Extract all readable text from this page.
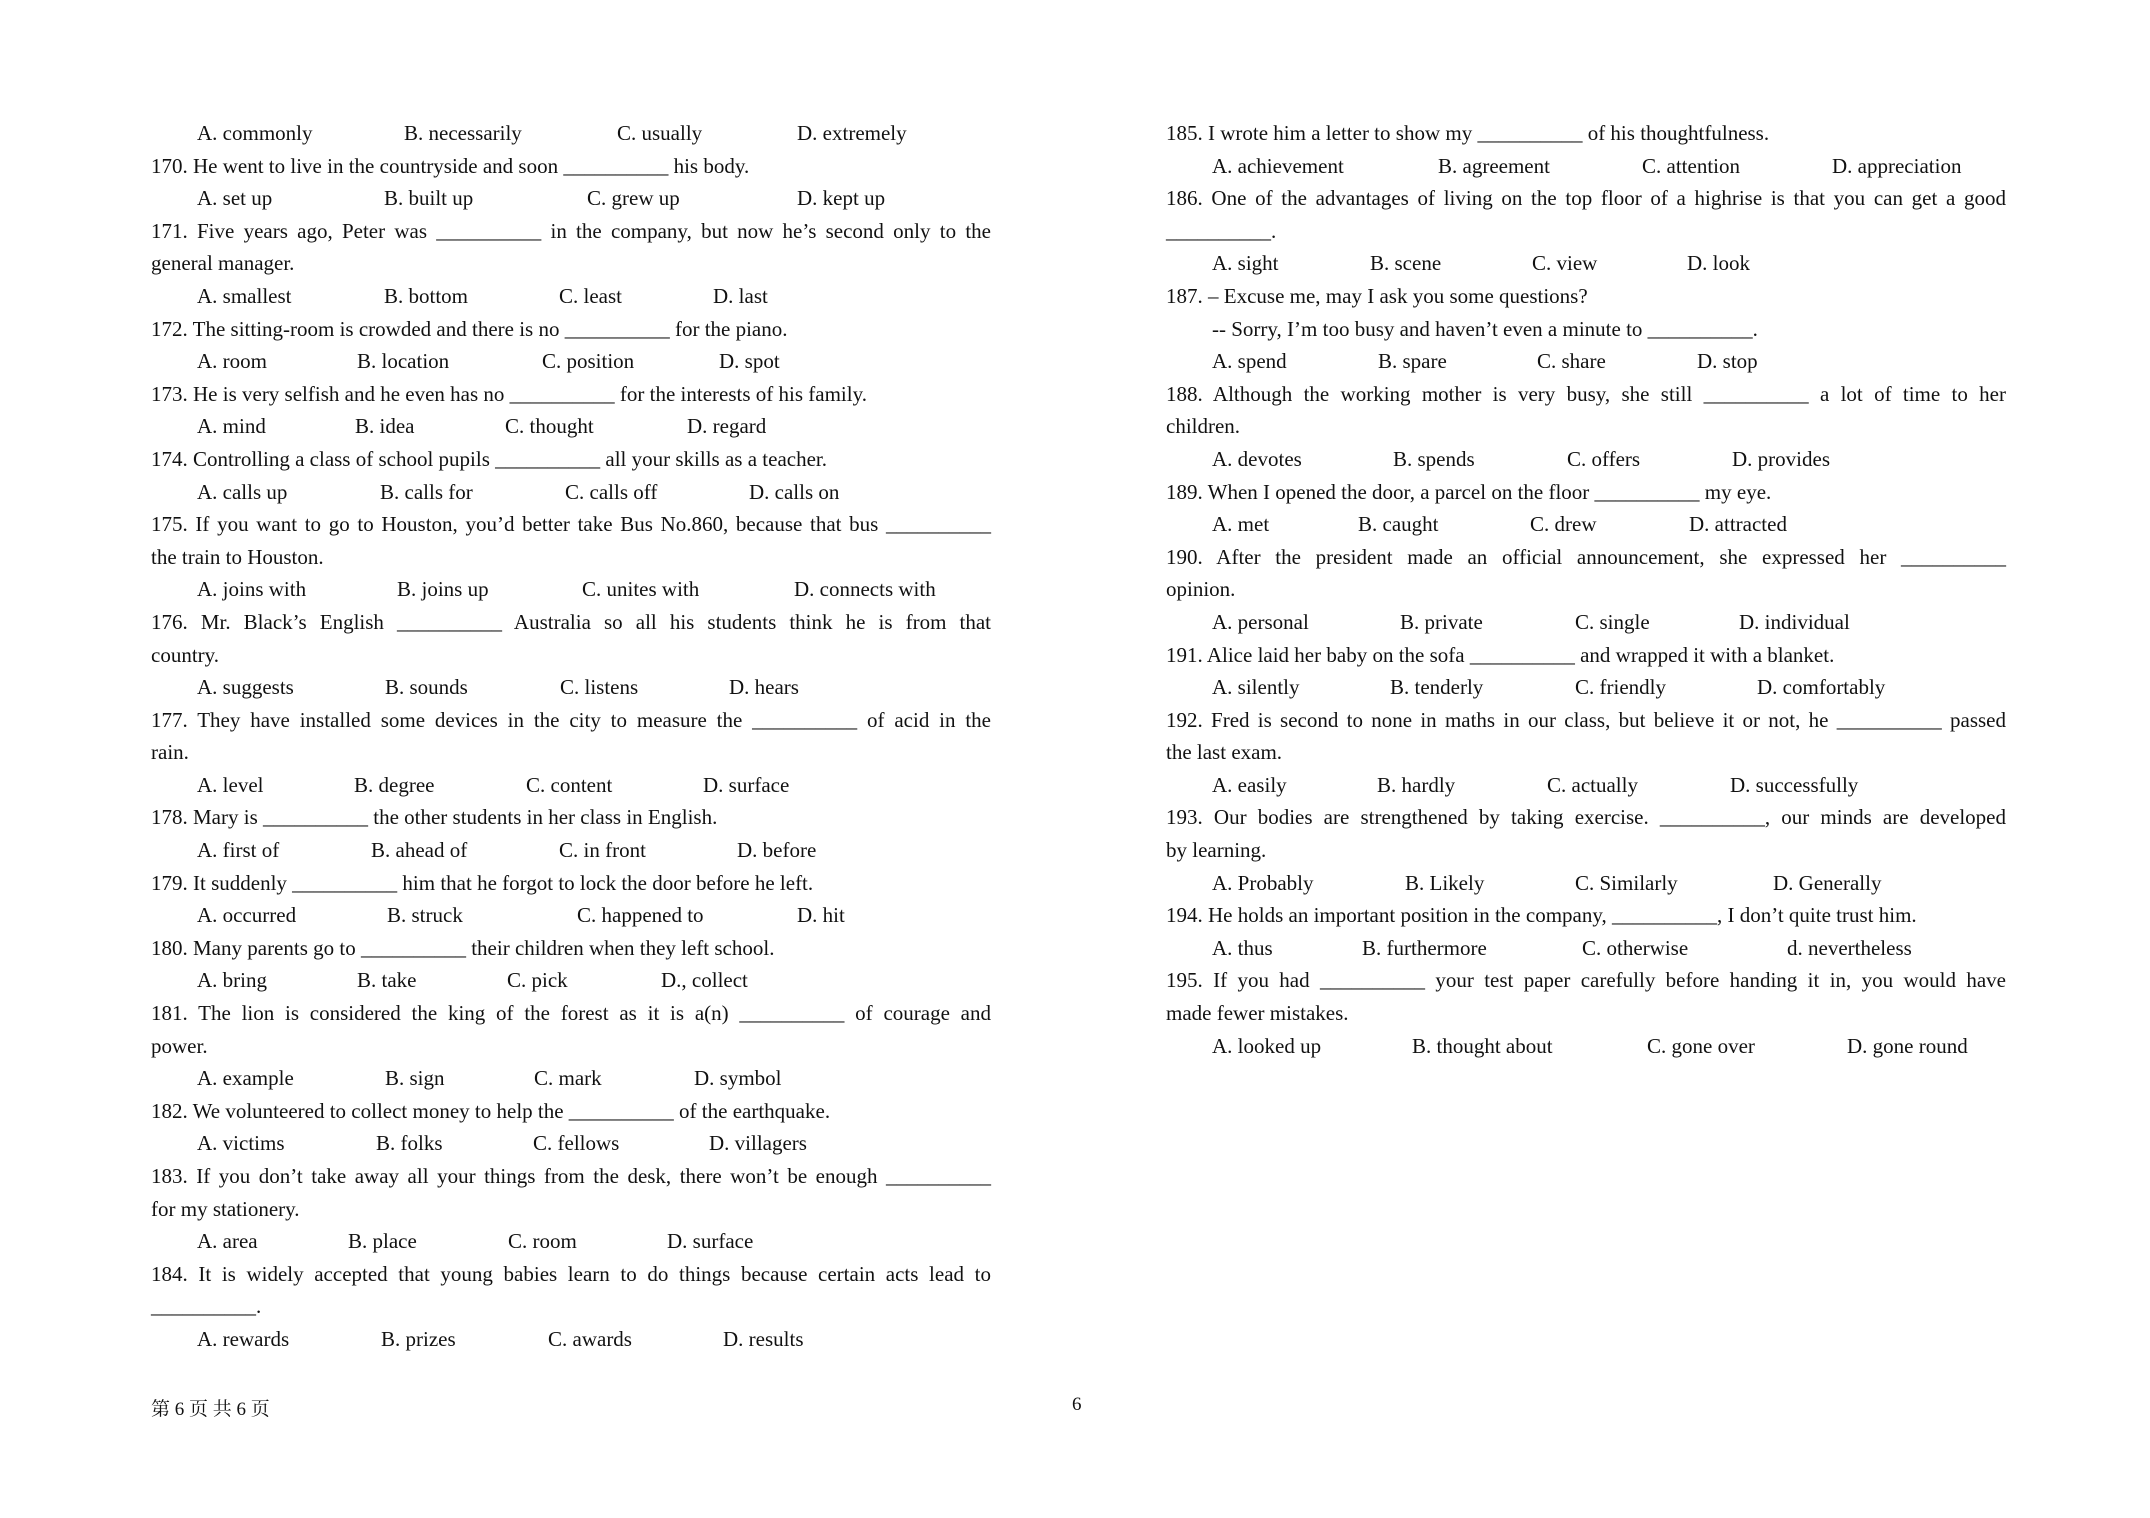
A. commonly	B. necessarily	C. usually	D. extremely
170. He went to live in the countryside and soon __________ his body.
A. set up	B. built up	C. grew up	D. kept up
171. Five years ago, Peter was __________ in the company, but now he’s second only to the
general manager.
A. smallest	B. bottom	C. least	D. last
172. The sitting-room is crowded and there is no __________ for the piano.
A. room	B. location	C. position	D. spot
173. He is very selfish and he even has no __________ for the interests of his family.
A. mind	B. idea	C. thought	D. regard
174. Controlling a class of school pupils __________ all your skills as a teacher.
A. calls up	B. calls for	C. calls off	D. calls on
175. If you want to go to Houston, you’d better take Bus No.860, because that bus __________
the train to Houston.
A. joins with	B. joins up	C. unites with	D. connects with
176. Mr. Black’s English __________ Australia so all his students think he is from that
country.
A. suggests	B. sounds	C. listens	D. hears
177. They have installed some devices in the city to measure the __________ of acid in the
rain.
A. level	B. degree	C. content	D. surface
178. Mary is __________ the other students in her class in English.
A. first of	B. ahead of	C. in front	D. before
179. It suddenly __________ him that he forgot to lock the door before he left.
A. occurred	B. struck	C. happened to	D. hit
180. Many parents go to __________ their children when they left school.
A. bring	B. take	C. pick	D., collect
181. The lion is considered the king of the forest as it is a(n) __________ of courage and
power.
A. example	B. sign	C. mark	D. symbol
182. We volunteered to collect money to help the __________ of the earthquake.
A. victims	B. folks	C. fellows	D. villagers
183. If you don’t take away all your things from the desk, there won’t be enough __________
for my stationery.
A. area	B. place	C. room	D. surface
184. It is widely accepted that young babies learn to do things because certain acts lead to
__________.
A. rewards	B. prizes	C. awards	D. results
185. I wrote him a letter to show my __________ of his thoughtfulness.
A. achievement	B. agreement	C. attention	D. appreciation
186. One of the advantages of living on the top floor of a highrise is that you can get a good
__________.
A. sight	B. scene	C. view	D. look
187. – Excuse me, may I ask you some questions?
-- Sorry, I’m too busy and haven’t even a minute to __________.
A. spend	B. spare	C. share	D. stop
188. Although the working mother is very busy, she still __________ a lot of time to her
children.
A. devotes	B. spends	C. offers	D. provides
189. When I opened the door, a parcel on the floor __________ my eye.
A. met	B. caught	C. drew	D. attracted
190. After the president made an official announcement, she expressed her __________
opinion.
A. personal	B. private	C. single	D. individual
191. Alice laid her baby on the sofa __________ and wrapped it with a blanket.
A. silently	B. tenderly	C. friendly	D. comfortably
192. Fred is second to none in maths in our class, but believe it or not, he __________ passed
the last exam.
A. easily	B. hardly	C. actually	D. successfully
193. Our bodies are strengthened by taking exercise. __________, our minds are developed
by learning.
A. Probably	B. Likely	C. Similarly	D. Generally
194. He holds an important position in the company, __________, I don’t quite trust him.
A. thus	B. furthermore	C. otherwise	d. nevertheless
195. If you had __________ your test paper carefully before handing it in, you would have
made fewer mistakes.
A. looked up	B. thought about	C. gone over	D. gone round
第 6 页 共 6 页	6
